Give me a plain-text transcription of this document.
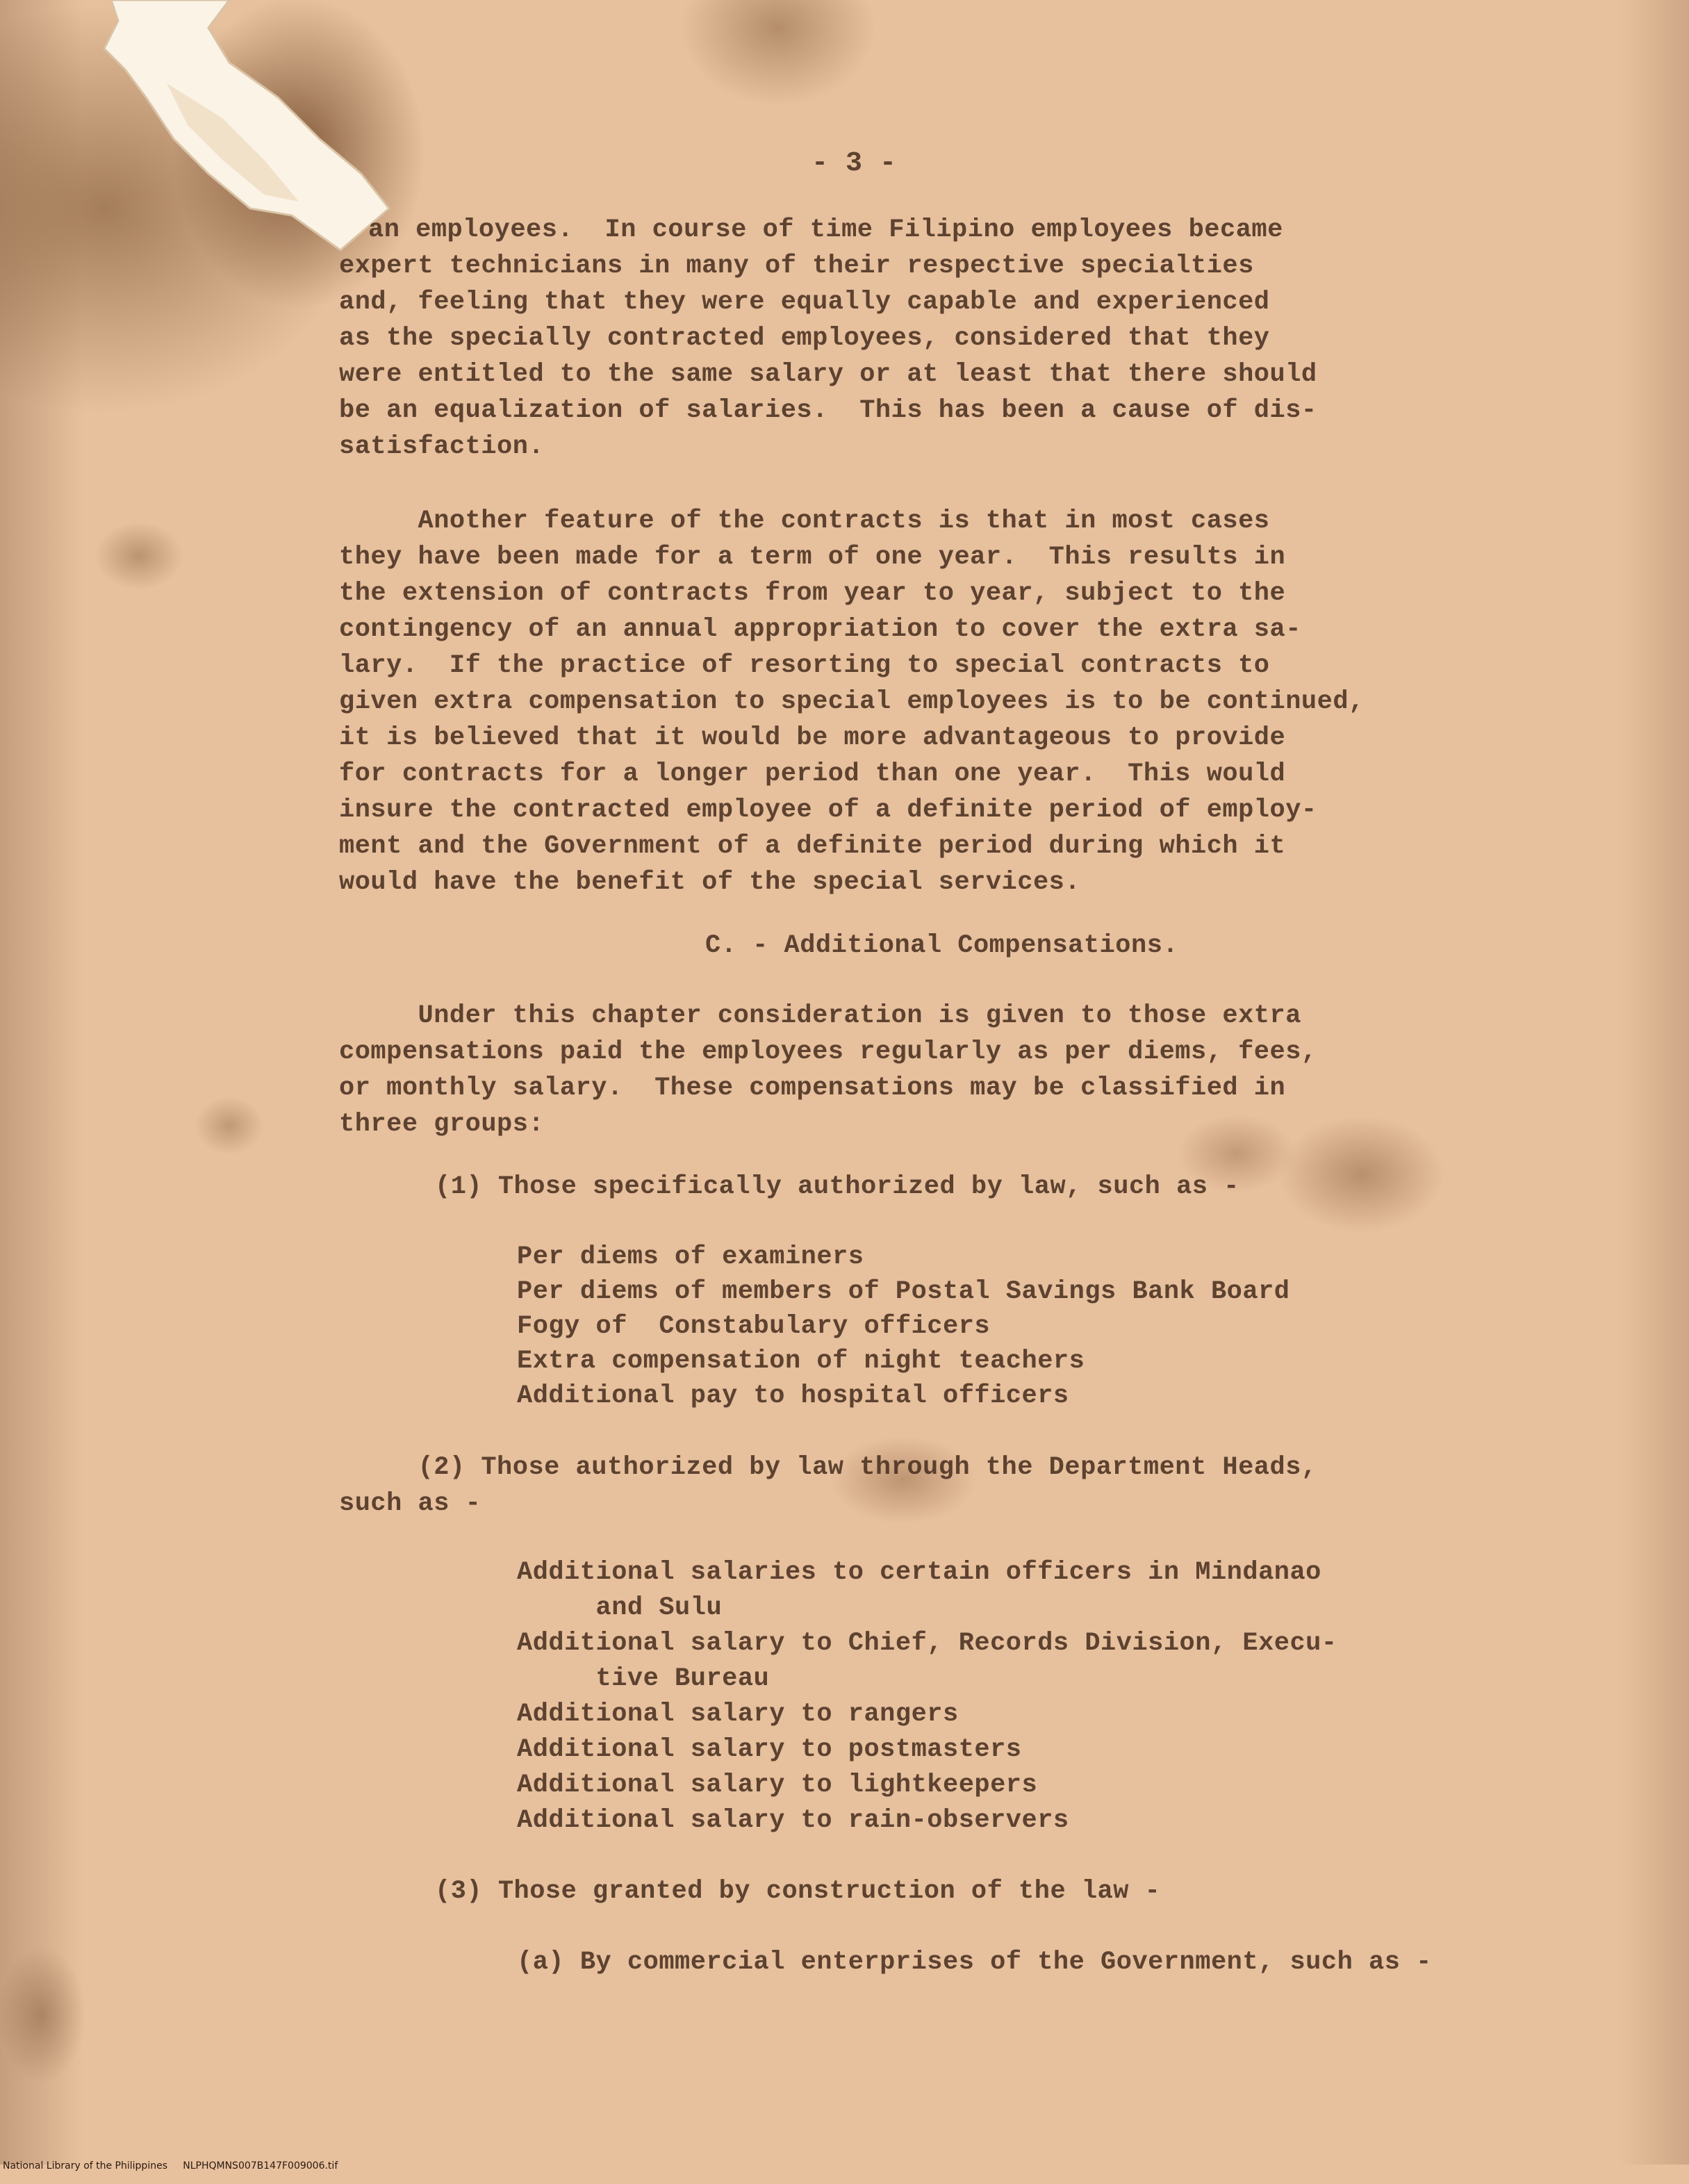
- 3 -

an employees.  In course of time Filipino employees became

expert technicians in many of their respective specialties

and, feeling that they were equally capable and experienced

as the specially contracted employees, considered that they

were entitled to the same salary or at least that there should

be an equalization of salaries.  This has been a cause of dis-

satisfaction.

Another feature of the contracts is that in most cases

they have been made for a term of one year.  This results in

the extension of contracts from year to year, subject to the

contingency of an annual appropriation to cover the extra sa-

lary.  If the practice of resorting to special contracts to

given extra compensation to special employees is to be continued,

it is believed that it would be more advantageous to provide

for contracts for a longer period than one year.  This would

insure the contracted employee of a definite period of employ-

ment and the Government of a definite period during which it

would have the benefit of the special services.

C. - Additional Compensations.

Under this chapter consideration is given to those extra

compensations paid the employees regularly as per diems, fees,

or monthly salary.  These compensations may be classified in

three groups:

(1) Those specifically authorized by law, such as -

Per diems of examiners

Per diems of members of Postal Savings Bank Board

Fogy of  Constabulary officers

Extra compensation of night teachers

Additional pay to hospital officers

(2) Those authorized by law through the Department Heads,

such as -

Additional salaries to certain officers in Mindanao

and Sulu

Additional salary to Chief, Records Division, Execu-

tive Bureau

Additional salary to rangers

Additional salary to postmasters

Additional salary to lightkeepers

Additional salary to rain-observers

(3) Those granted by construction of the law -

(a) By commercial enterprises of the Government, such as -

National Library of the Philippines     NLPHQMNS007B147F009006.tif
